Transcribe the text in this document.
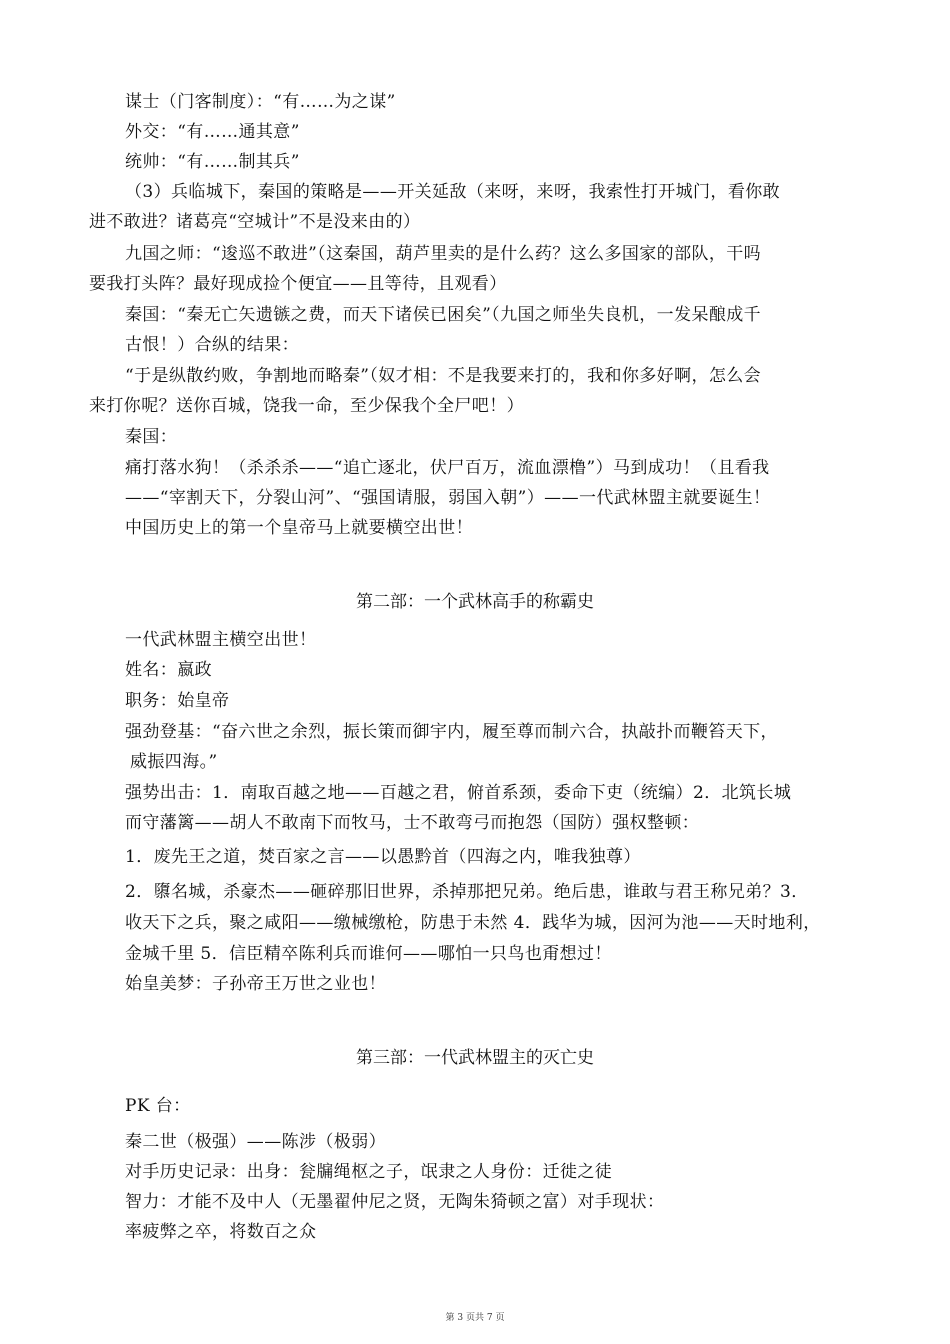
谋士（门客制度）：“有……为之谋”
外交：“有……通其意”
统帅：“有……制其兵”
（3）兵临城下，秦国的策略是——开关延敌（来呀，来呀，我索性打开城门，看你敢
进不敢进？诸葛亮“空城计”不是没来由的）
九国之师：“逡巡不敢进”（这秦国，葫芦里卖的是什么药？这么多国家的部队，干吗
要我打头阵？最好现成捡个便宜——且等待，且观看）
秦国：“秦无亡矢遗镞之费，而天下诸侯已困矣”（九国之师坐失良机，一发呆酿成千
古恨！）合纵的结果：
“于是纵散约败，争割地而略秦”（奴才相：不是我要来打的，我和你多好啊，怎么会
来打你呢？送你百城，饶我一命，至少保我个全尸吧！）
秦国：
痛打落水狗！（杀杀杀——“追亡逐北，伏尸百万，流血漂橹”）马到成功！（且看我
——“宰割天下，分裂山河”、“强国请服，弱国入朝”）——一代武林盟主就要诞生！
中国历史上的第一个皇帝马上就要横空出世！
第二部：一个武林高手的称霸史
一代武林盟主横空出世！
姓名：嬴政
职务：始皇帝
强劲登基：“奋六世之余烈，振长策而御宇内，履至尊而制六合，执敲扑而鞭笞天下，
威振四海。”
强势出击：1．南取百越之地——百越之君，俯首系颈，委命下吏（统编）2．北筑长城
而守藩篱——胡人不敢南下而牧马，士不敢弯弓而抱怨（国防）强权整顿：
1．废先王之道，焚百家之言——以愚黔首（四海之内，唯我独尊）
2．隳名城，杀豪杰——砸碎那旧世界，杀掉那把兄弟。绝后患，谁敢与君王称兄弟？3．
收天下之兵，聚之咸阳——缴械缴枪，防患于未然 4．践华为城，因河为池——天时地利，
金城千里 5．信臣精卒陈利兵而谁何——哪怕一只鸟也甭想过！
始皇美梦：子孙帝王万世之业也！
第三部：一代武林盟主的灭亡史
PK 台：
秦二世（极强）——陈涉（极弱）
对手历史记录：出身：瓮牖绳枢之子，氓隶之人身份：迁徙之徒
智力：才能不及中人（无墨翟仲尼之贤，无陶朱猗顿之富）对手现状：
率疲弊之卒，将数百之众
第 3 页共 7 页
